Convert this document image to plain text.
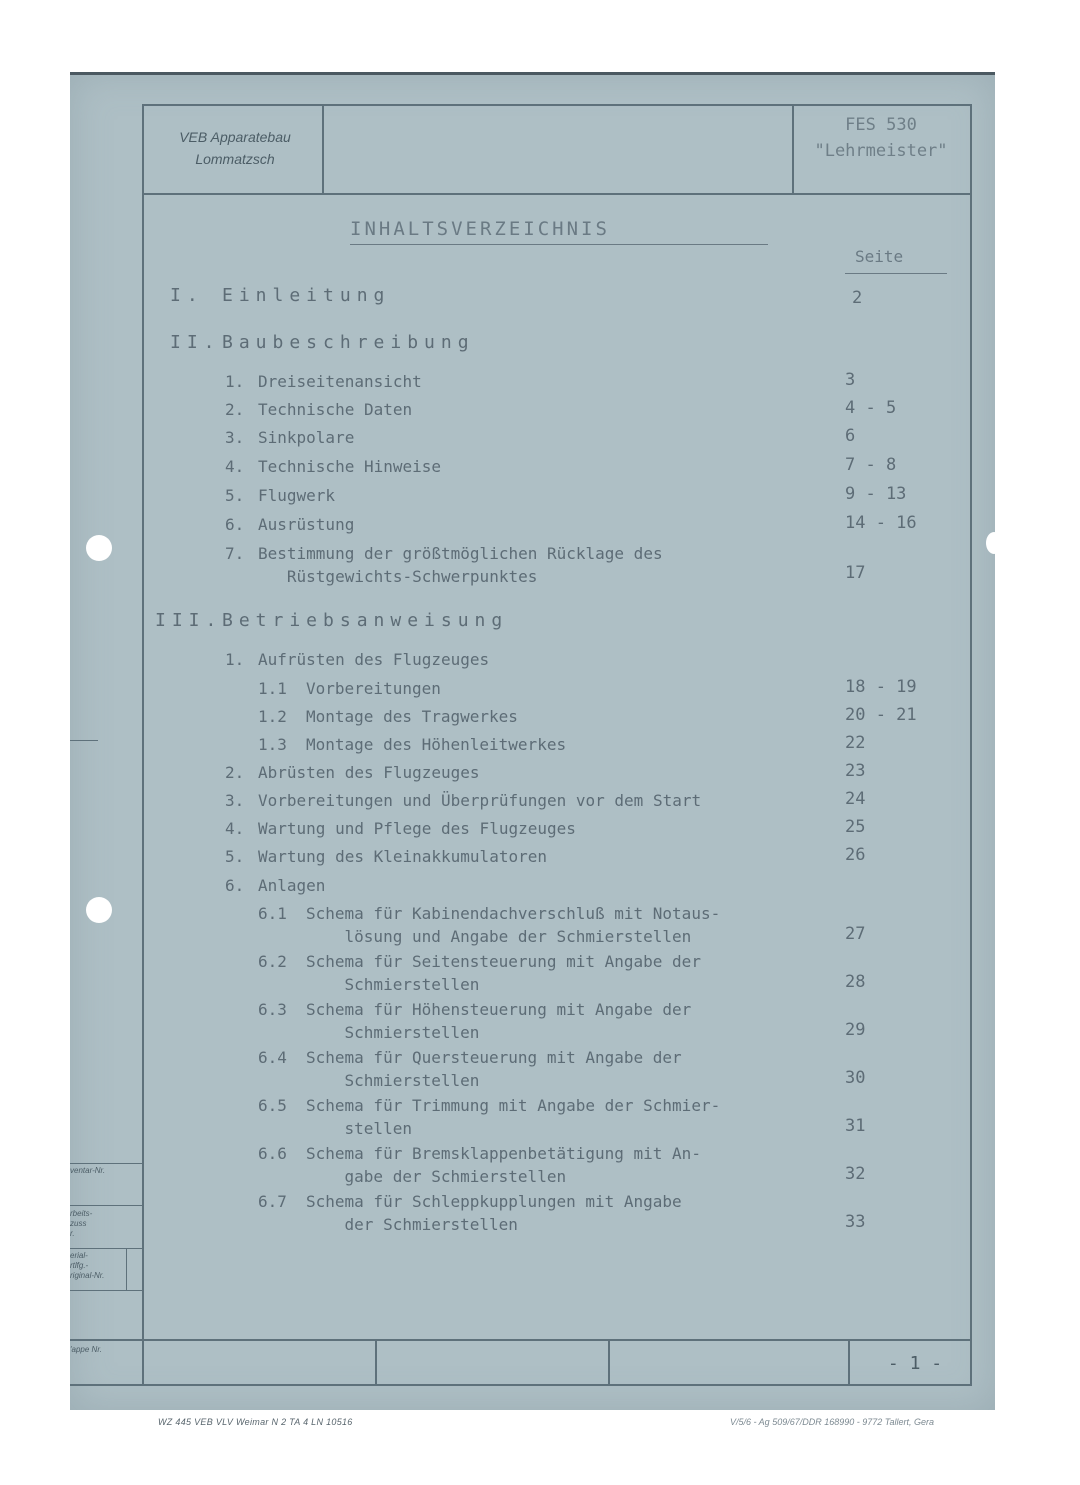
ventar-Nr.
rbeits-
zuss
r.
erial-
rtlfg.-
riginal-Nr.
'appe Nr.
VEB Apparatebau
Lommatzsch
FES 530
"Lehrmeister"
INHALTSVERZEICHNIS
Seite
I. Einleitung	2
II. Baubeschreibung
1. Dreiseitenansicht	3
2. Technische Daten	4 - 5
3. Sinkpolare	6
4. Technische Hinweise	7 - 8
5. Flugwerk	9 - 13
6. Ausrüstung	14 - 16
7. Bestimmung der größtmöglichen Rücklage des
Rüstgewichts-Schwerpunktes	17
III. Betriebsanweisung
1. Aufrüsten des Flugzeuges
1.1 Vorbereitungen	18 - 19
1.2 Montage des Tragwerkes	20 - 21
1.3 Montage des Höhenleitwerkes	22
2. Abrüsten des Flugzeuges	23
3. Vorbereitungen und Überprüfungen vor dem Start	24
4. Wartung und Pflege des Flugzeuges	25
5. Wartung des Kleinakkumulatoren	26
6. Anlagen
6.1 Schema für Kabinendachverschluß mit Notaus-
lösung und Angabe der Schmierstellen	27
6.2 Schema für Seitensteuerung mit Angabe der
Schmierstellen	28
6.3 Schema für Höhensteuerung mit Angabe der
Schmierstellen	29
6.4 Schema für Quersteuerung mit Angabe der
Schmierstellen	30
6.5 Schema für Trimmung mit Angabe der Schmier-
stellen	31
6.6 Schema für Bremsklappenbetätigung mit An-
gabe der Schmierstellen	32
6.7 Schema für Schleppkupplungen mit Angabe
der Schmierstellen	33
- 1 -
WZ 445 VEB VLV Weimar N 2 TA 4 LN 10516	V/5/6 - Ag 509/67/DDR 168990 - 9772 Tallert, Gera
